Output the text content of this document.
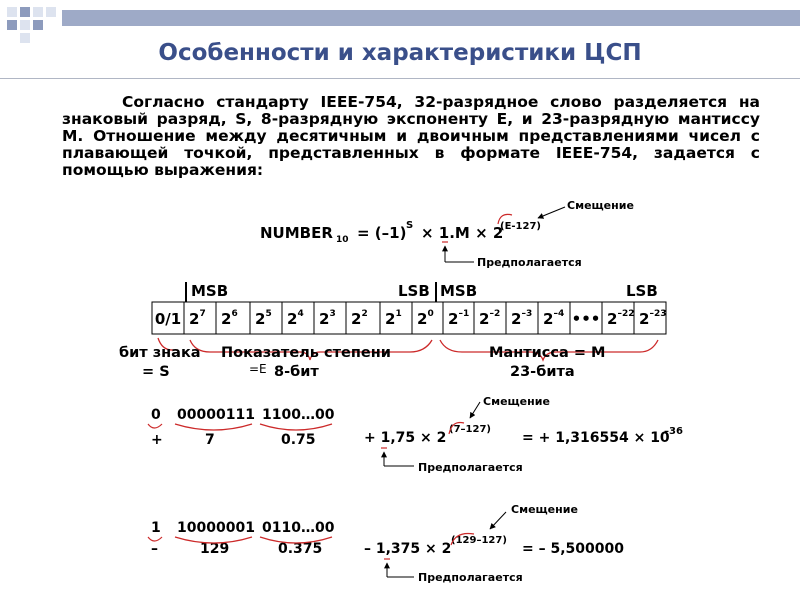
Особенности и характеристики ЦСП

Согласно стандарту IEEE-754, 32-разрядное слово разделяется на знаковый разряд, S, 8-разрядную экспоненту E, и 23-разрядную мантиссу M. Отношение между десятичным и двоичным представлениями чисел с плавающей точкой, представленных в формате IEEE-754, задается с помощью выражения:

NUMBER 10 = (–1) S × 1.M × 2
(E-127)
Смещение
Предполагается
MSB	LSB MSB	LSB
0/1 $2^7$ $2^6$ $2^5$ $2^4$ $2^3$ $2^2$ $2^1$ $2^0$ $2^{-1}$ $2^{-2}$ $2^{-3}$ $2^{-4}$ ••• $2^{-22}$ $2^{-23}$
бит знака
= S
Показатель степени
8-бит
Мантисса = M
23-бита
=E
0 00000111 1100…00
+	7	0.75	+ 1,75 × 2
(7–127)
= + 1,316554 × 10
–36
Смещение
Предполагается
1 10000001 0110…00
–	129	0.375	– 1,375 × 2
(129–127)
= – 5,500000
Смещение
Предполагается
